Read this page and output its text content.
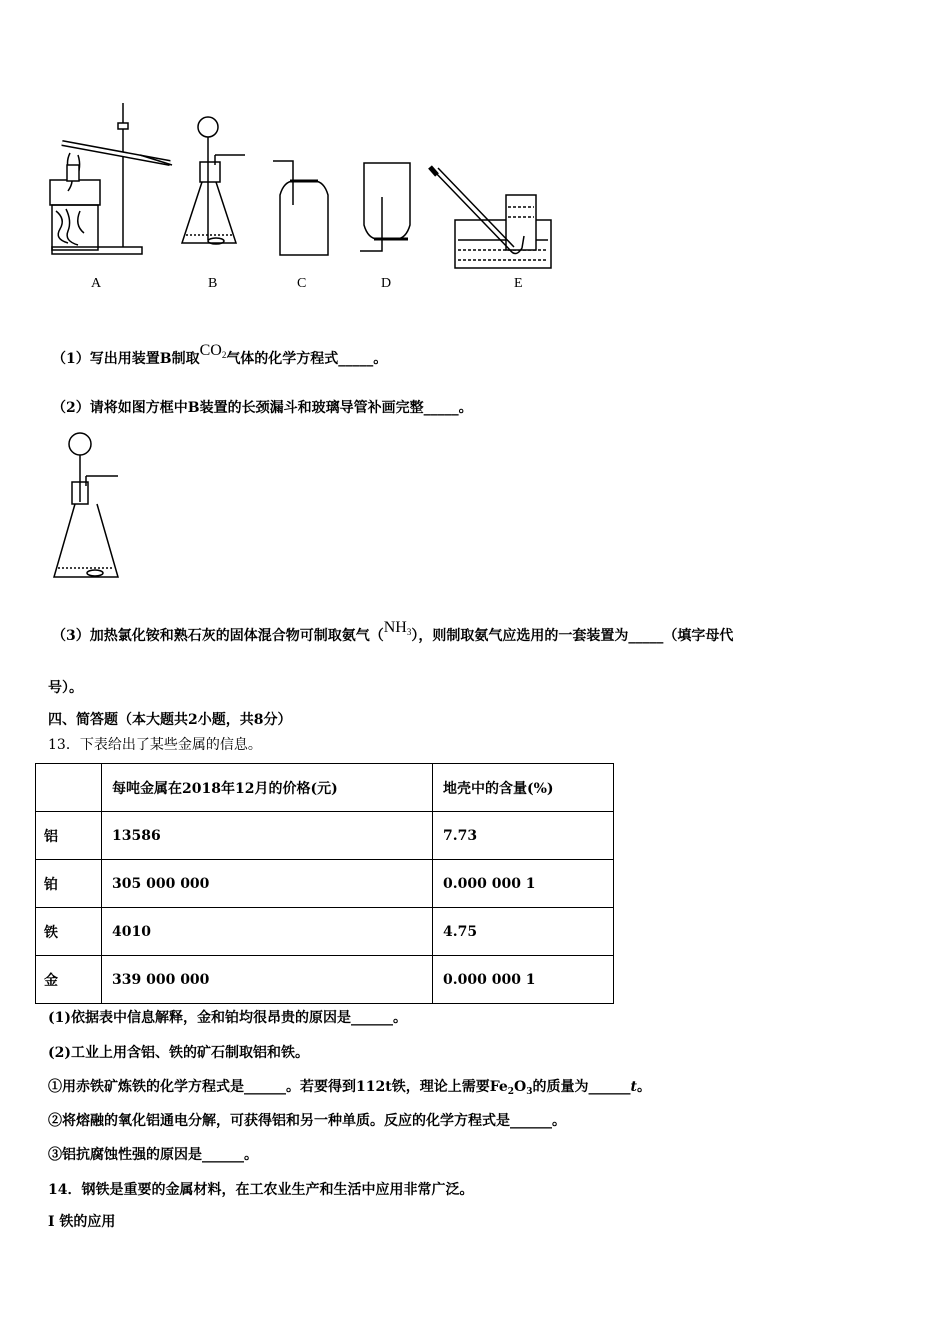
A	B	C	D	E
（1）写出用装置B制取$CO_2$气体的化学方程式_____。
（2）请将如图方框中B装置的长颈漏斗和玻璃导管补画完整_____。
（3）加热氯化铵和熟石灰的固体混合物可制取氨气$(NH_3)$，则制取氨气应选用的一套装置为_____（填字母代
号）。
四、简答题（本大题共2小题，共8分）
13．下表给出了某些金属的信息。
	每吨金属在2018年12月的价格(元)	地壳中的含量(%)
铝	13586	7.73
铂	305 000 000	0.000 000 1
铁	4010	4.75
金	339 000 000	0.000 000 1
(1)依据表中信息解释，金和铂均很昂贵的原因是______。
(2)工业上用含铝、铁的矿石制取铝和铁。
①用赤铁矿炼铁的化学方程式是______。若要得到112t铁，理论上需要$Fe_2O_3$的质量为______t。
②将熔融的氧化铝通电分解，可获得铝和另一种单质。反应的化学方程式是______。
③铝抗腐蚀性强的原因是______。
14．钢铁是重要的金属材料，在工农业生产和生活中应用非常广泛。
I 铁的应用
